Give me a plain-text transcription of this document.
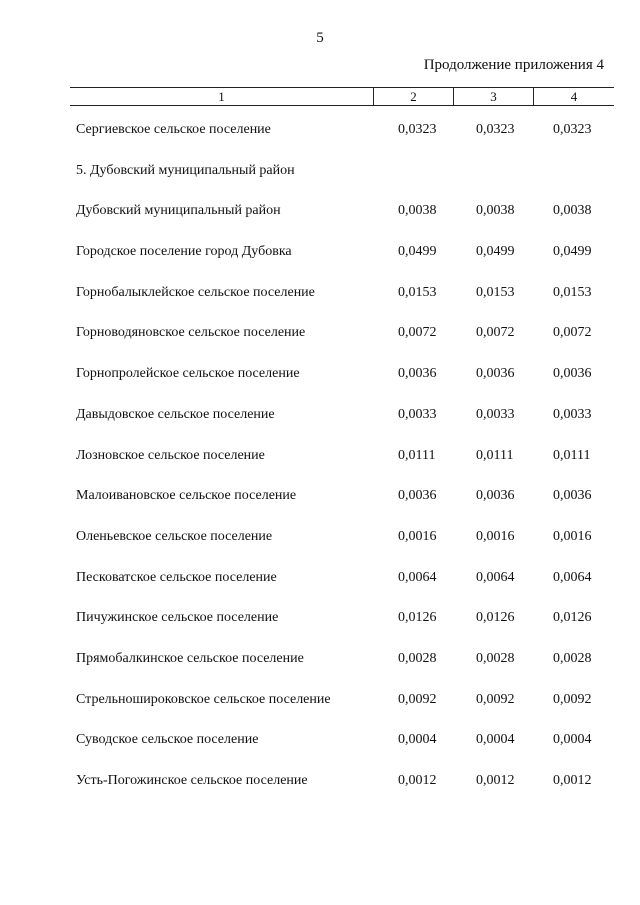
5
Продолжение приложения 4
1	2	3	4
Сергиевское сельское поселение	0,0323	0,0323	0,0323
5. Дубовский муниципальный район
Дубовский муниципальный район	0,0038	0,0038	0,0038
Городское поселение город Дубовка	0,0499	0,0499	0,0499
Горнобалыклейское сельское поселение	0,0153	0,0153	0,0153
Горноводяновское сельское поселение	0,0072	0,0072	0,0072
Горнопролейское сельское поселение	0,0036	0,0036	0,0036
Давыдовское сельское поселение	0,0033	0,0033	0,0033
Лозновское сельское поселение	0,0111	0,0111	0,0111
Малоивановское сельское поселение	0,0036	0,0036	0,0036
Оленьевское сельское поселение	0,0016	0,0016	0,0016
Песковатское сельское поселение	0,0064	0,0064	0,0064
Пичужинское сельское поселение	0,0126	0,0126	0,0126
Прямобалкинское сельское поселение	0,0028	0,0028	0,0028
Стрельноширoковское сельское поселение	0,0092	0,0092	0,0092
Суводское сельское поселение	0,0004	0,0004	0,0004
Усть-Погожинское сельское поселение	0,0012	0,0012	0,0012
